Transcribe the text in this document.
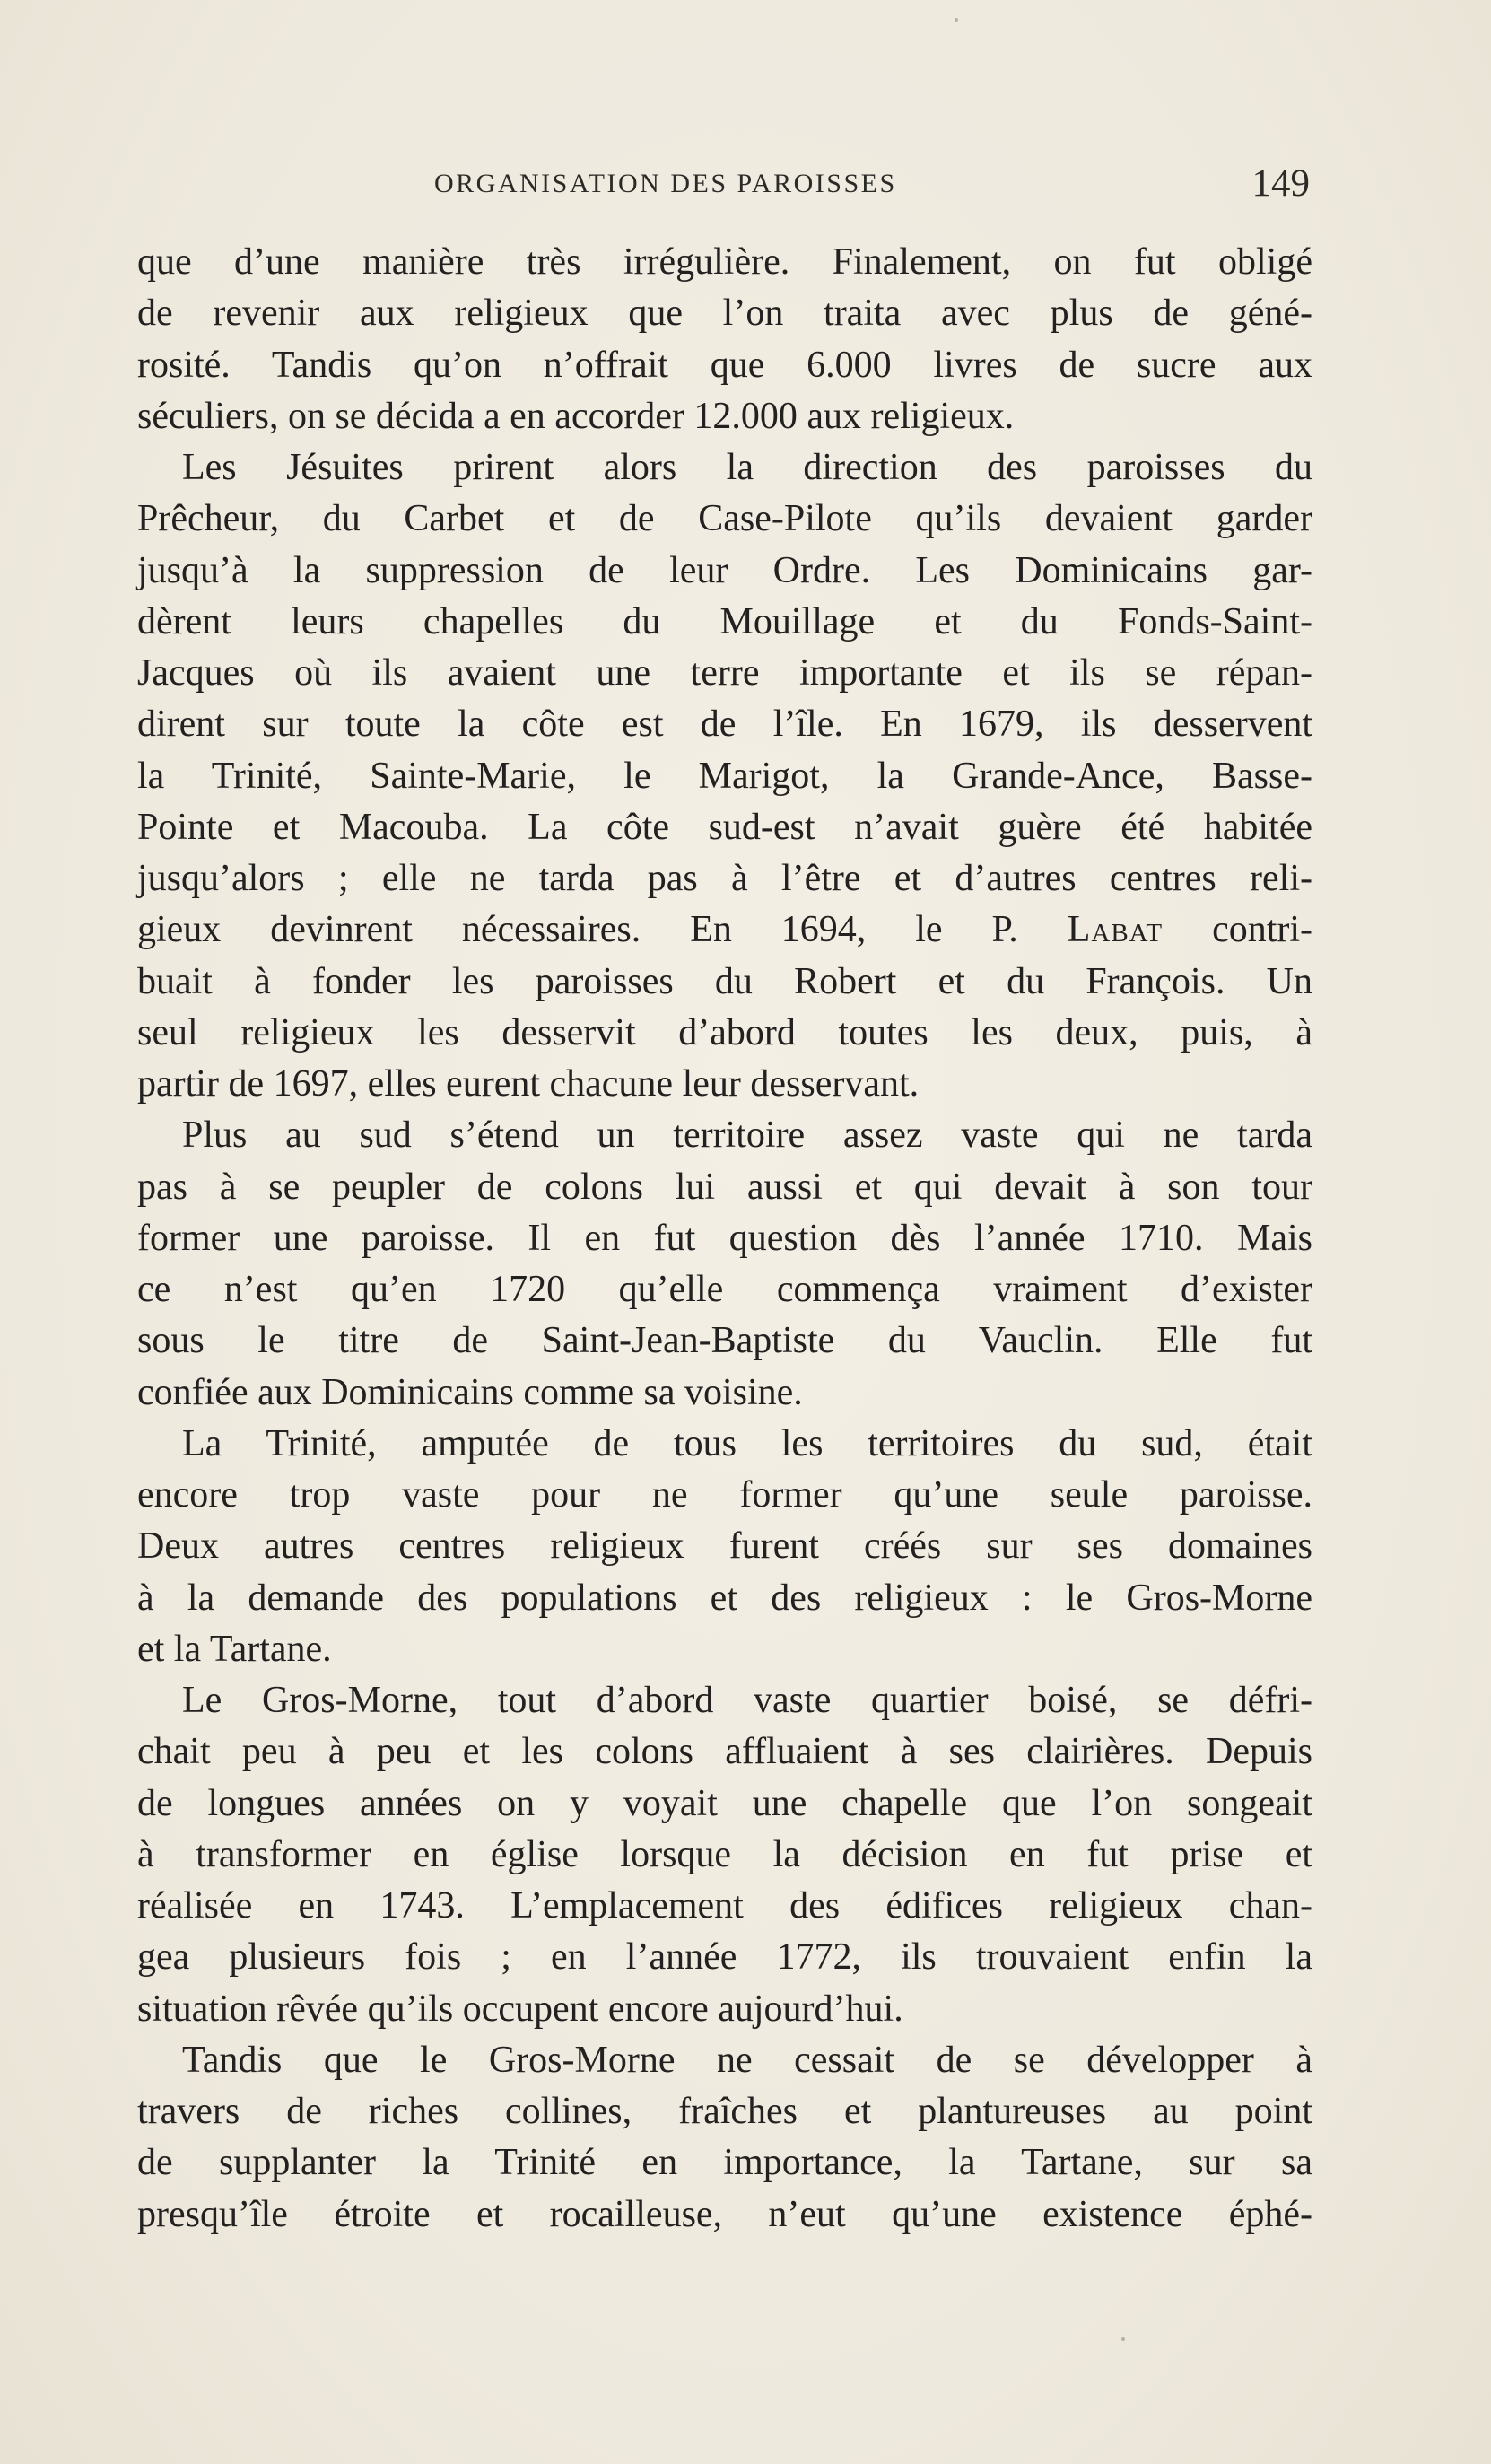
ORGANISATION DES PAROISSES	149
que d’une manière très irrégulière. Finalement, on fut obligé
de revenir aux religieux que l’on traita avec plus de géné-
rosité. Tandis qu’on n’offrait que 6.000 livres de sucre aux
séculiers, on se décida a en accorder 12.000 aux religieux.
Les Jésuites prirent alors la direction des paroisses du
Prêcheur, du Carbet et de Case-Pilote qu’ils devaient garder
jusqu’à la suppression de leur Ordre. Les Dominicains gar-
dèrent leurs chapelles du Mouillage et du Fonds-Saint-
Jacques où ils avaient une terre importante et ils se répan-
dirent sur toute la côte est de l’île. En 1679, ils desservent
la Trinité, Sainte-Marie, le Marigot, la Grande-Ance, Basse-
Pointe et Macouba. La côte sud-est n’avait guère été habitée
jusqu’alors ; elle ne tarda pas à l’être et d’autres centres reli-
gieux devinrent nécessaires. En 1694, le P. Labat contri-
buait à fonder les paroisses du Robert et du François. Un
seul religieux les desservit d’abord toutes les deux, puis, à
partir de 1697, elles eurent chacune leur desservant.
Plus au sud s’étend un territoire assez vaste qui ne tarda
pas à se peupler de colons lui aussi et qui devait à son tour
former une paroisse. Il en fut question dès l’année 1710. Mais
ce n’est qu’en 1720 qu’elle commença vraiment d’exister
sous le titre de Saint-Jean-Baptiste du Vauclin. Elle fut
confiée aux Dominicains comme sa voisine.
La Trinité, amputée de tous les territoires du sud, était
encore trop vaste pour ne former qu’une seule paroisse.
Deux autres centres religieux furent créés sur ses domaines
à la demande des populations et des religieux : le Gros-Morne
et la Tartane.
Le Gros-Morne, tout d’abord vaste quartier boisé, se défri-
chait peu à peu et les colons affluaient à ses clairières. Depuis
de longues années on y voyait une chapelle que l’on songeait
à transformer en église lorsque la décision en fut prise et
réalisée en 1743. L’emplacement des édifices religieux chan-
gea plusieurs fois ; en l’année 1772, ils trouvaient enfin la
situation rêvée qu’ils occupent encore aujourd’hui.
Tandis que le Gros-Morne ne cessait de se développer à
travers de riches collines, fraîches et plantureuses au point
de supplanter la Trinité en importance, la Tartane, sur sa
presqu’île étroite et rocailleuse, n’eut qu’une existence éphé-
